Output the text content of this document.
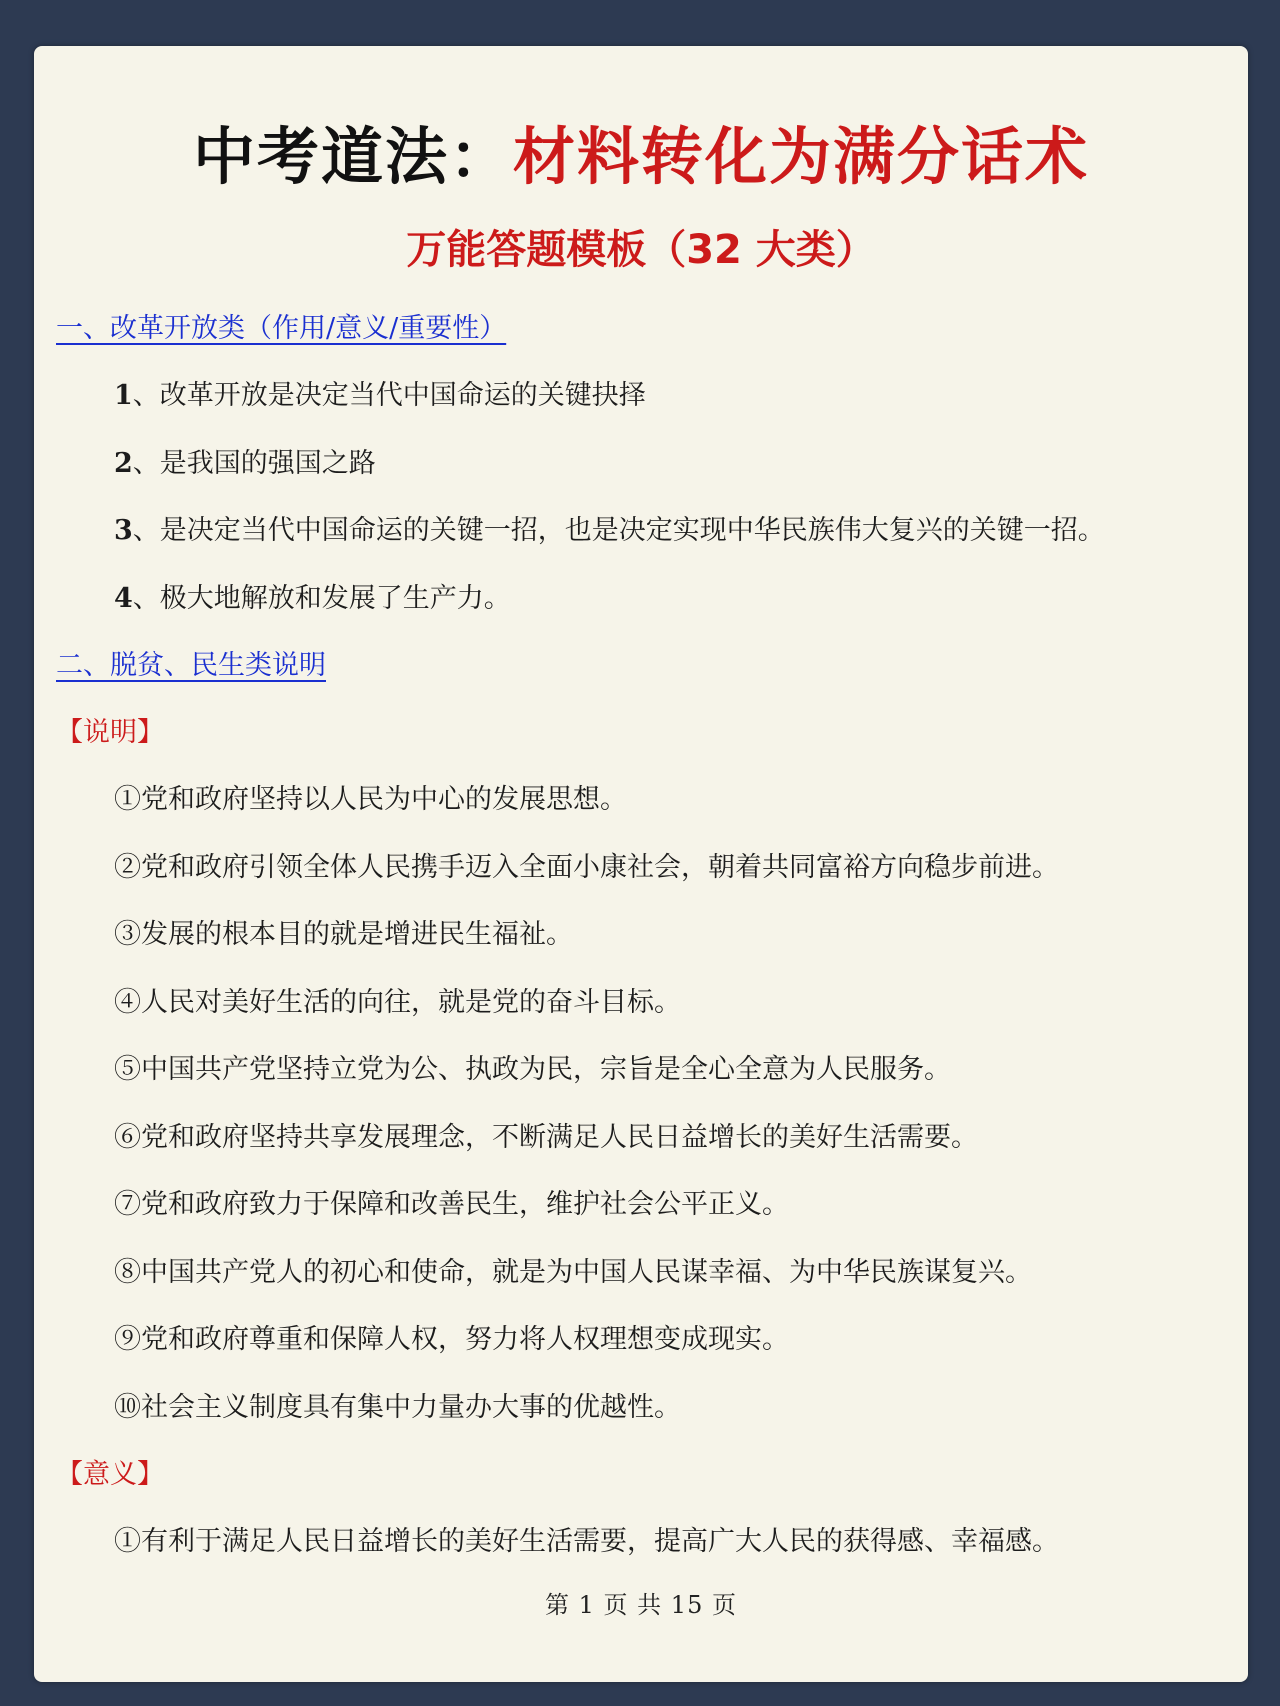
中考道法：材料转化为满分话术
万能答题模板（32 大类）
一、改革开放类（作用/意义/重要性）
1、改革开放是决定当代中国命运的关键抉择
2、是我国的强国之路
3、是决定当代中国命运的关键一招，也是决定实现中华民族伟大复兴的关键一招。
4、极大地解放和发展了生产力。
二、脱贫、民生类说明
【说明】
①党和政府坚持以人民为中心的发展思想。
②党和政府引领全体人民携手迈入全面小康社会，朝着共同富裕方向稳步前进。
③发展的根本目的就是增进民生福祉。
④人民对美好生活的向往，就是党的奋斗目标。
⑤中国共产党坚持立党为公、执政为民，宗旨是全心全意为人民服务。
⑥党和政府坚持共享发展理念，不断满足人民日益增长的美好生活需要。
⑦党和政府致力于保障和改善民生，维护社会公平正义。
⑧中国共产党人的初心和使命，就是为中国人民谋幸福、为中华民族谋复兴。
⑨党和政府尊重和保障人权，努力将人权理想变成现实。
⑩社会主义制度具有集中力量办大事的优越性。
【意义】
①有利于满足人民日益增长的美好生活需要，提高广大人民的获得感、幸福感。
第 1 页 共 15 页
